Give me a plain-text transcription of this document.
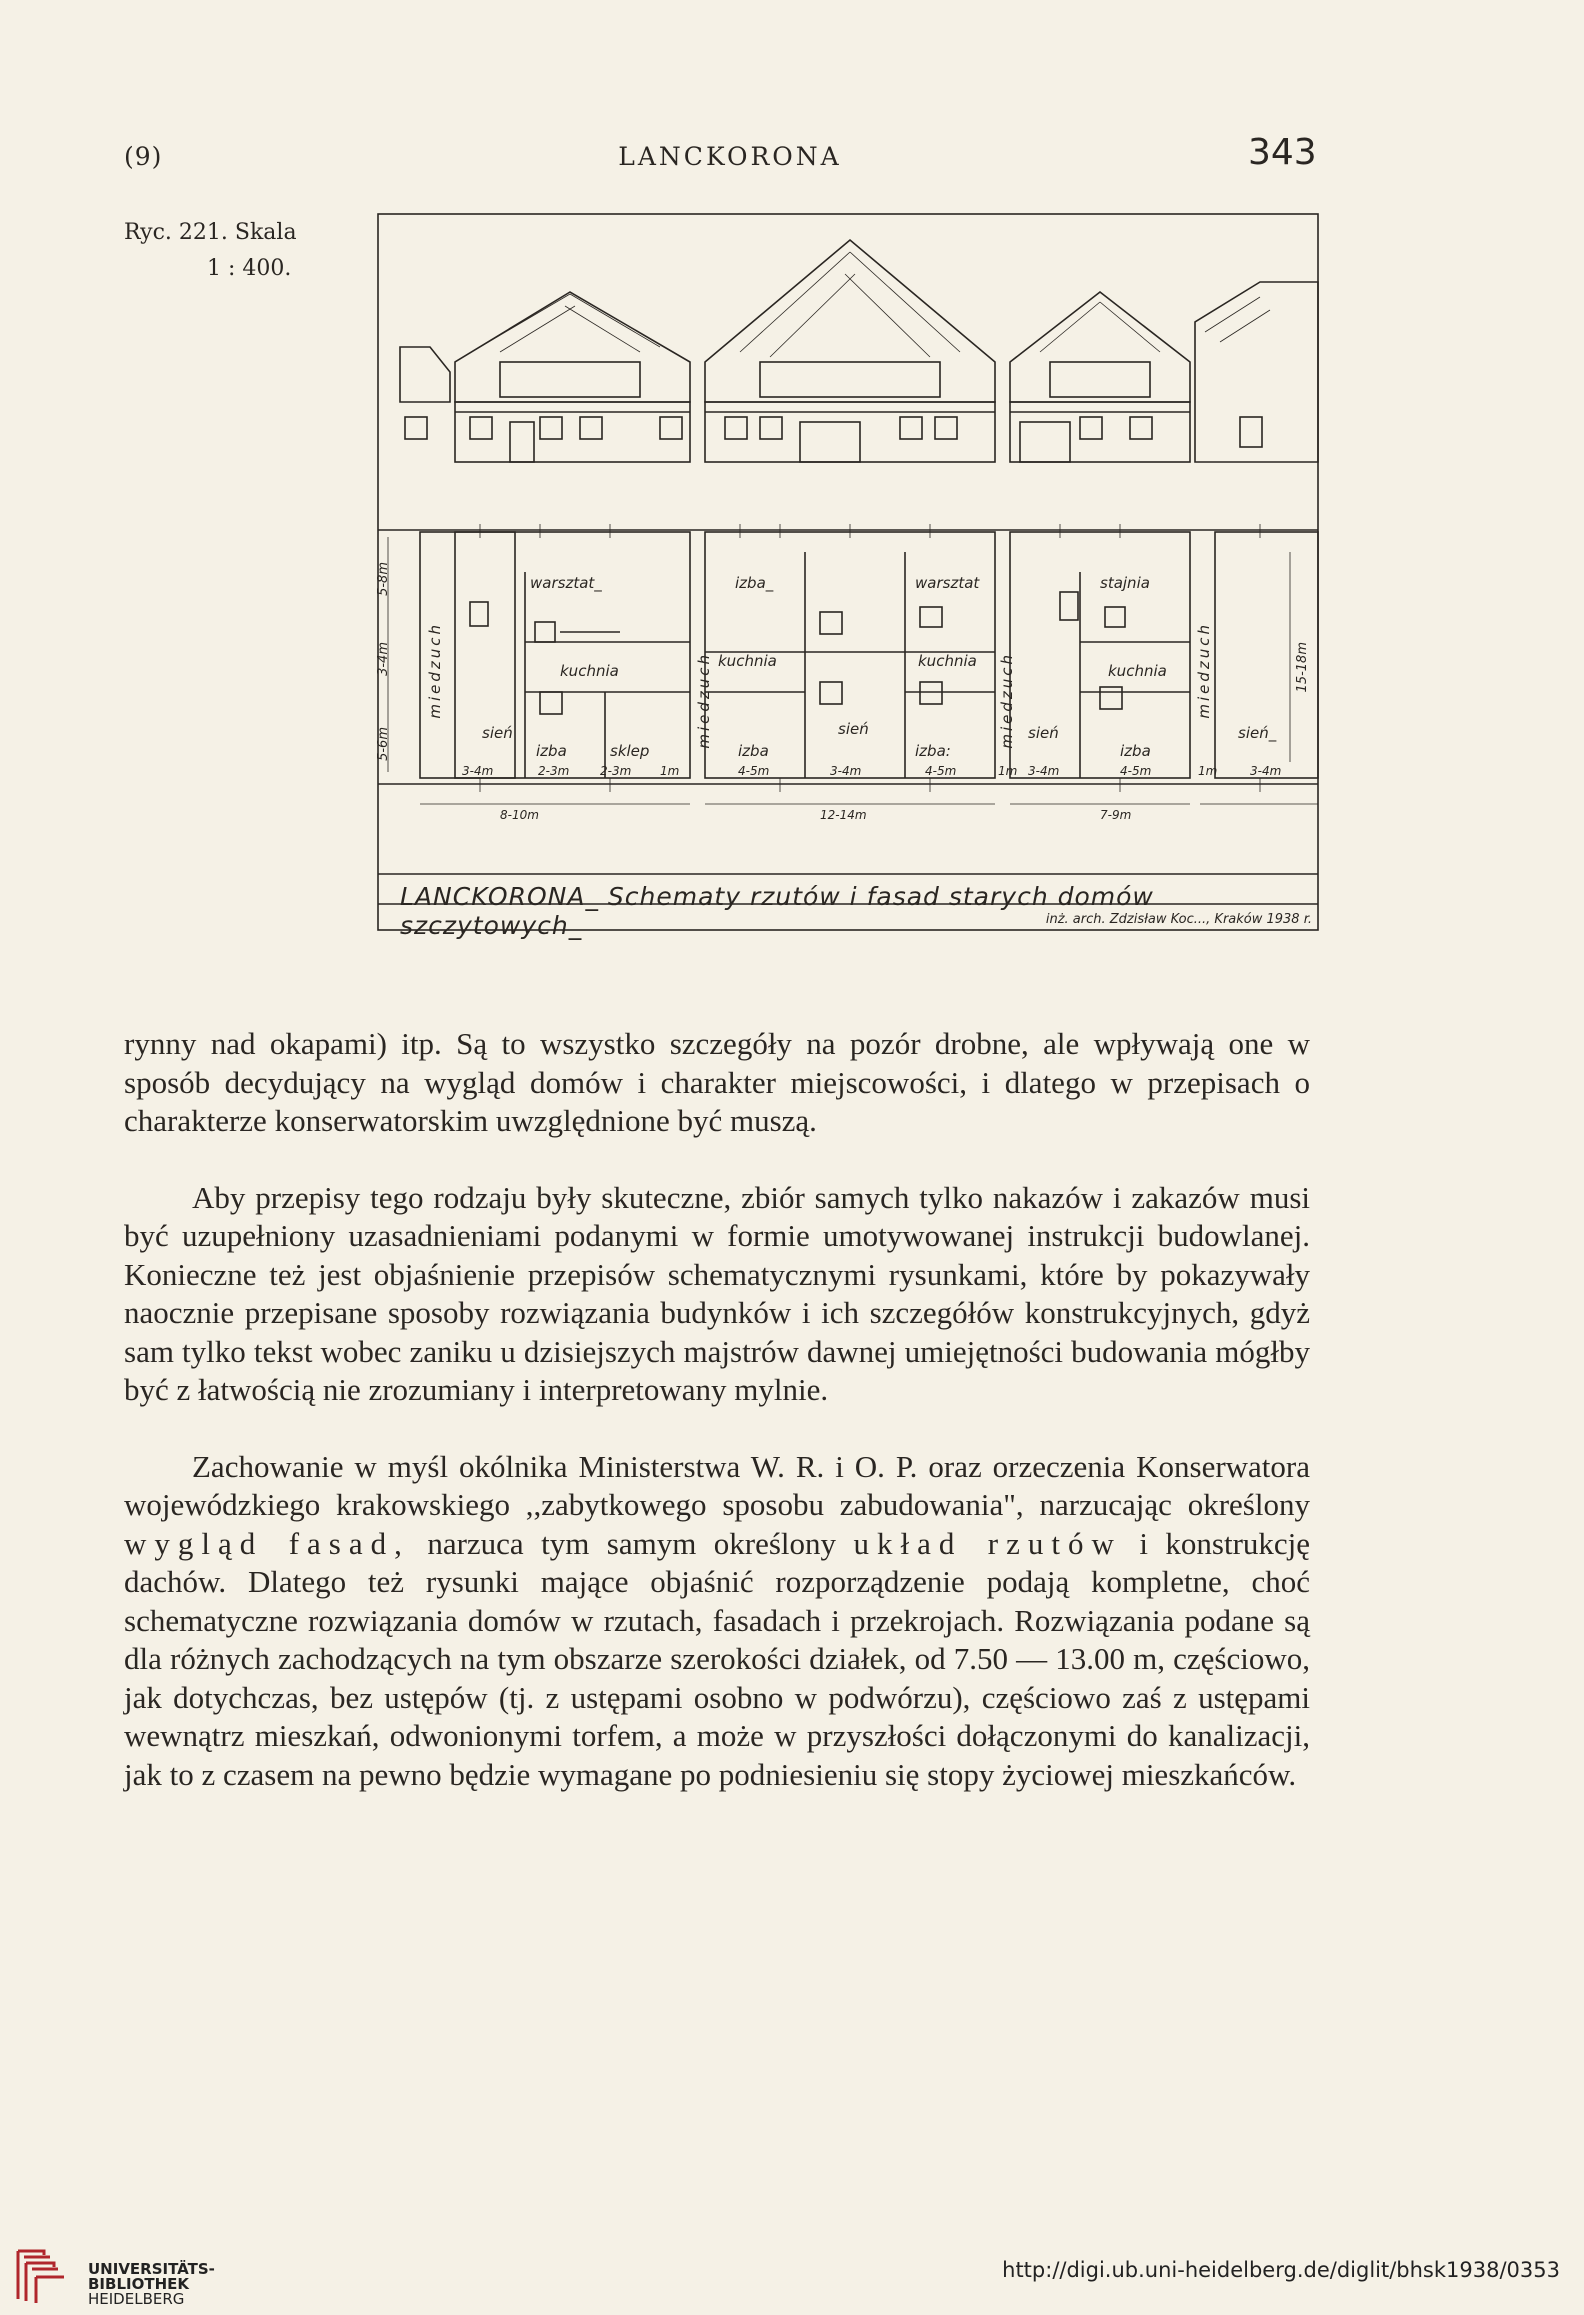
(9)	LANCKORONA	343
Ryc. 221. Skala
1 : 400.
warsztat_	izba_	warsztat	stajnia
kuchnia
kuchnia	kuchnia
kuchnia
sień	sień	sień	sień_
izba	sklep	izba	izba:	izba
miedzuch	miedzuch	miedzuch	miedzuch
5-8m
3-4m
5-6m
15-18m
3-4m	2-3m	2-3m 1m	4-5m	3-4m	4-5m	1m 3-4m	4-5m	1m	3-4m
8-10m	12-14m	7-9m
LANCKORONA_ Schematy rzutów i fasad starych domów szczytowych_	inż. arch. Zdzisław Koc..., Kraków 1938 r.

rynny nad okapami) itp. Są to wszystko szczegóły na pozór drobne, ale wpływają one w sposób decydujący na wygląd domów i charakter miejscowości, i dlatego w przepisach o charakterze konserwatorskim uwzględnione być muszą.

Aby przepisy tego rodzaju były skuteczne, zbiór samych tylko nakazów i zakazów musi być uzupełniony uzasadnieniami podanymi w formie umotywowanej instrukcji budowlanej. Konieczne też jest objaśnienie przepisów schematycznymi rysunkami, które by pokazywały naocznie przepisane sposoby rozwiązania budynków i ich szczegółów konstrukcyjnych, gdyż sam tylko tekst wobec zaniku u dzisiejszych majstrów dawnej umiejętności budowania mógłby być z łatwością nie zrozumiany i interpretowany mylnie.

Zachowanie w myśl okólnika Ministerstwa W. R. i O. P. oraz orzeczenia Konserwatora wojewódzkiego krakowskiego ,,zabytkowego sposobu zabudowania", narzucając określony wygląd fasad, narzuca tym samym określony układ rzutów i konstrukcję dachów. Dlatego też rysunki mające objaśnić rozporządzenie podają kompletne, choć schematyczne rozwiązania domów w rzutach, fasadach i przekrojach. Rozwiązania podane są dla różnych zachodzących na tym obszarze szerokości działek, od 7.50 — 13.00 m, częściowo, jak dotychczas, bez ustępów (tj. z ustępami osobno w podwórzu), częściowo zaś z ustępami wewnątrz mieszkań, odwonionymi torfem, a może w przyszłości dołączonymi do kanalizacji, jak to z czasem na pewno będzie wymagane po podniesieniu się stopy życiowej mieszkańców.

UNIVERSITÄTS-
BIBLIOTHEK
HEIDELBERG
http://digi.ub.uni-heidelberg.de/diglit/bhsk1938/0353
